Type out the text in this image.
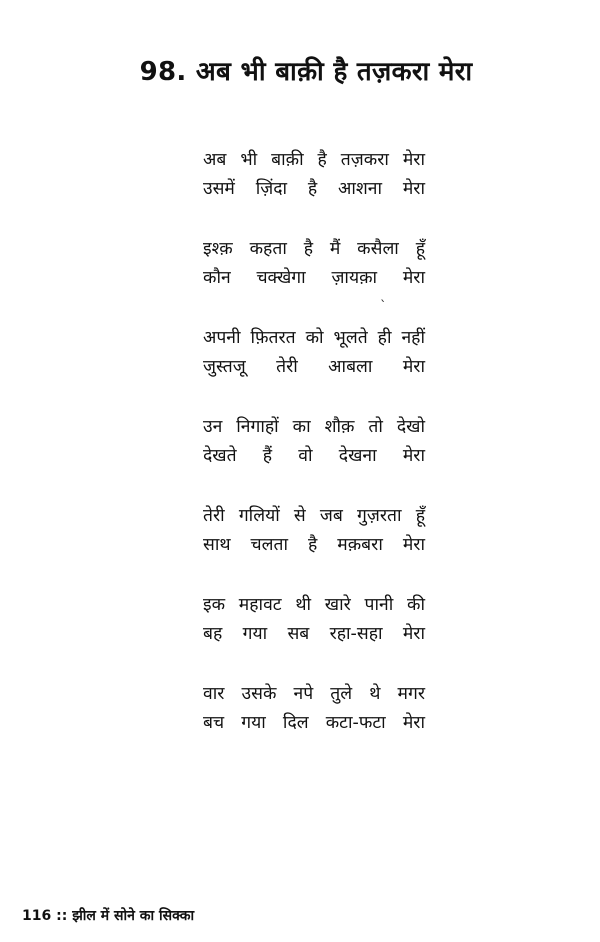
98. अब भी बाक़ी है तज़करा मेरा
अब भी बाक़ी है तज़करा मेरा
उसमें ज़िंदा है आशना मेरा
इश्क़ कहता है मैं कसैला हूँ
कौन चक्खेगा ज़ायक़ा मेरा
अपनी फ़ितरत को भूलते ही नहीं
जुस्तजू तेरी आबला मेरा
उन निगाहों का शौक़ तो देखो
देखते हैं वो देखना मेरा
तेरी गलियों से जब गुज़रता हूँ
साथ चलता है मक़बरा मेरा
इक महावट थी खारे पानी की
बह गया सब रहा-सहा मेरा
वार उसके नपे तुले थे मगर
बच गया दिल कटा-फटा मेरा
ˎ
116 :: झील में सोने का सिक्का
